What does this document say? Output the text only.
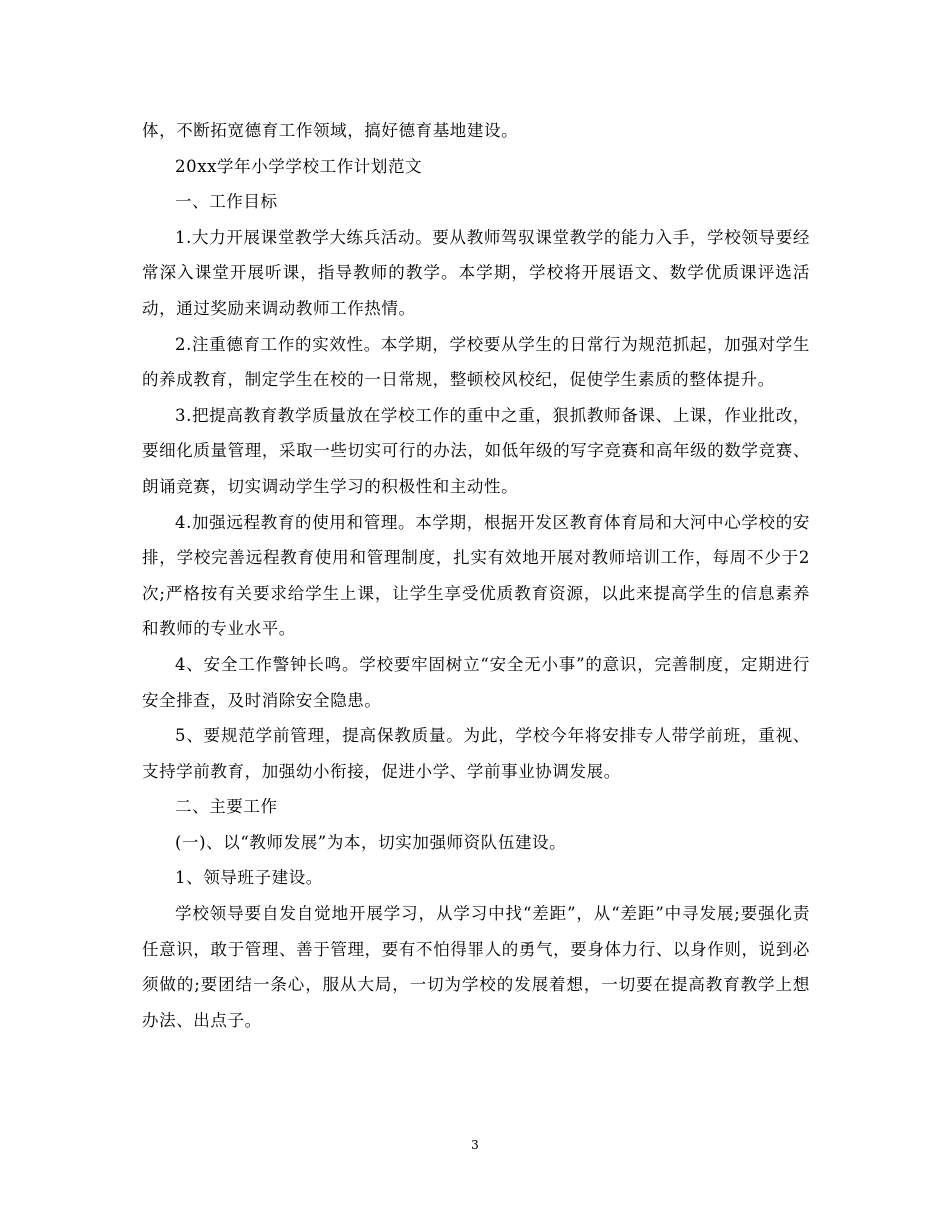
体，不断拓宽德育工作领域，搞好德育基地建设。

20xx学年小学学校工作计划范文

一、工作目标

1.大力开展课堂教学大练兵活动。要从教师驾驭课堂教学的能力入手，学校领导要经常深入课堂开展听课，指导教师的教学。本学期，学校将开展语文、数学优质课评选活动，通过奖励来调动教师工作热情。

2.注重德育工作的实效性。本学期，学校要从学生的日常行为规范抓起，加强对学生的养成教育，制定学生在校的一日常规，整顿校风校纪，促使学生素质的整体提升。

3.把提高教育教学质量放在学校工作的重中之重，狠抓教师备课、上课，作业批改，要细化质量管理，采取一些切实可行的办法，如低年级的写字竞赛和高年级的数学竞赛、朗诵竞赛，切实调动学生学习的积极性和主动性。

4.加强远程教育的使用和管理。本学期，根据开发区教育体育局和大河中心学校的安排，学校完善远程教育使用和管理制度，扎实有效地开展对教师培训工作，每周不少于2次;严格按有关要求给学生上课，让学生享受优质教育资源，以此来提高学生的信息素养和教师的专业水平。

4、安全工作警钟长鸣。学校要牢固树立“安全无小事”的意识，完善制度，定期进行安全排查，及时消除安全隐患。

5、要规范学前管理，提高保教质量。为此，学校今年将安排专人带学前班，重视、支持学前教育，加强幼小衔接，促进小学、学前事业协调发展。

二、主要工作

(一)、以“教师发展”为本，切实加强师资队伍建设。

1、领导班子建设。

学校领导要自发自觉地开展学习，从学习中找“差距”，从“差距”中寻发展;要强化责任意识，敢于管理、善于管理，要有不怕得罪人的勇气，要身体力行、以身作则，说到必须做的;要团结一条心，服从大局，一切为学校的发展着想，一切要在提高教育教学上想办法、出点子。

3
